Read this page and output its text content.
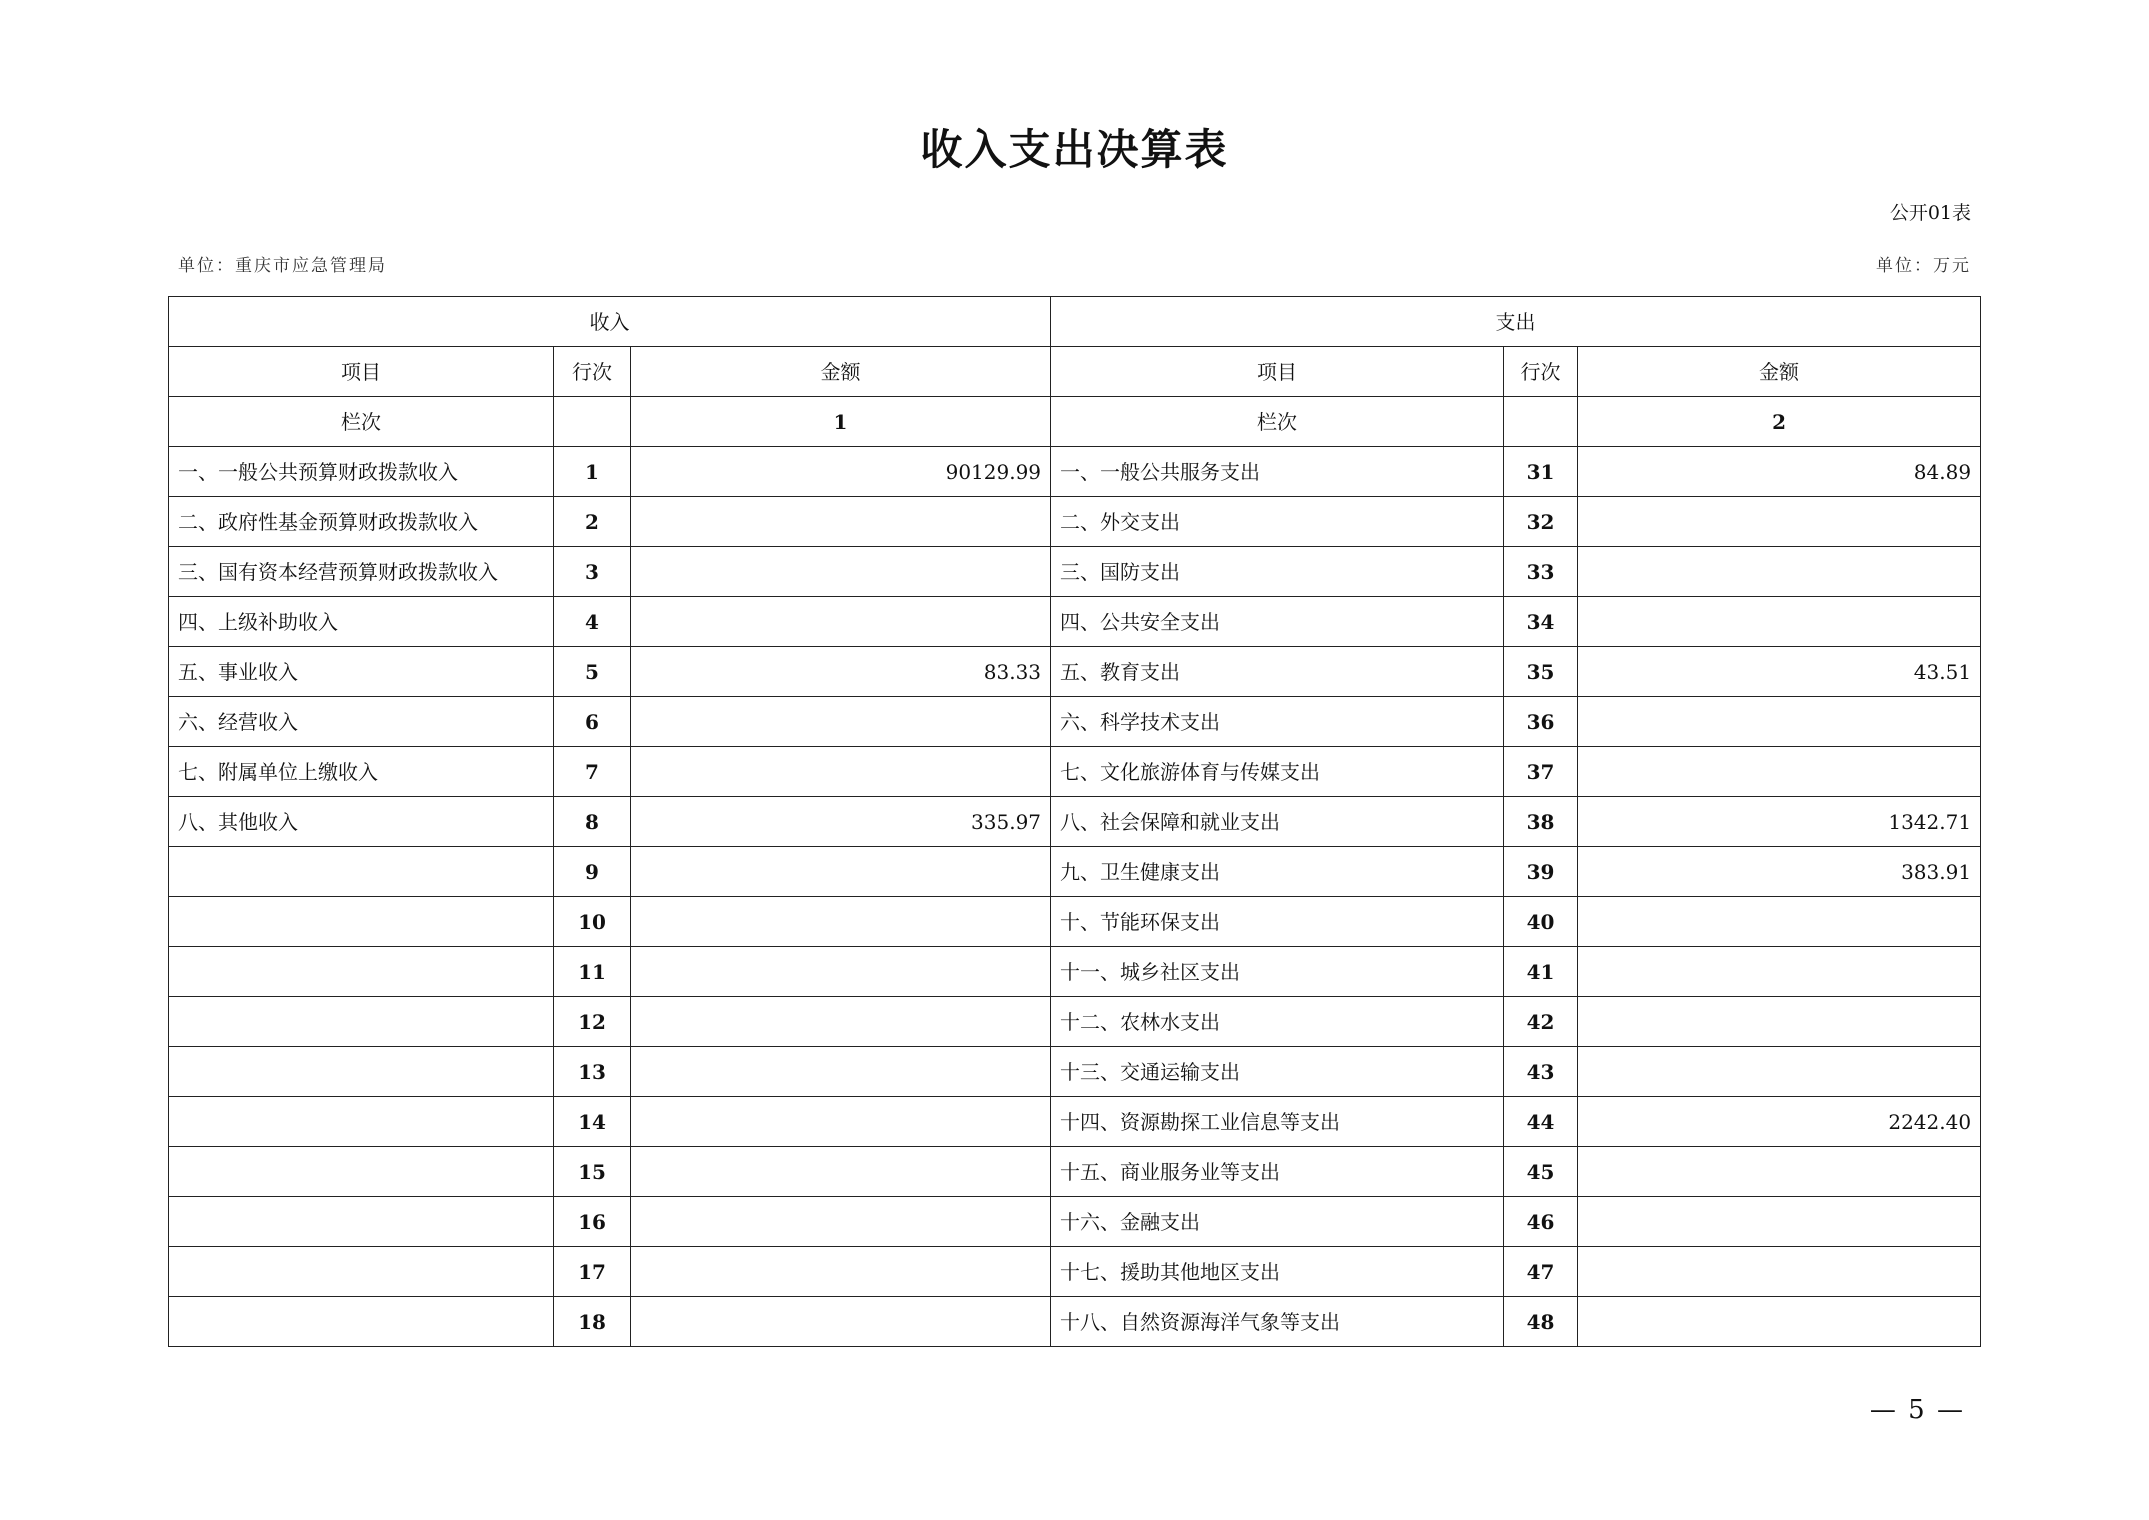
收入支出决算表
公开01表
单位：重庆市应急管理局	单位：万元
收入			支出		
项目	行次	金额	项目	行次	金额
栏次		1	栏次		2
一、一般公共预算财政拨款收入	1	90129.99	一、一般公共服务支出	31	84.89
二、政府性基金预算财政拨款收入	2		二、外交支出	32	
三、国有资本经营预算财政拨款收入	3		三、国防支出	33	
四、上级补助收入	4		四、公共安全支出	34	
五、事业收入	5	83.33	五、教育支出	35	43.51
六、经营收入	6		六、科学技术支出	36	
七、附属单位上缴收入	7		七、文化旅游体育与传媒支出	37	
八、其他收入	8	335.97	八、社会保障和就业支出	38	1342.71
	9		九、卫生健康支出	39	383.91
	10		十、节能环保支出	40	
	11		十一、城乡社区支出	41	
	12		十二、农林水支出	42	
	13		十三、交通运输支出	43	
	14		十四、资源勘探工业信息等支出	44	2242.40
	15		十五、商业服务业等支出	45	
	16		十六、金融支出	46	
	17		十七、援助其他地区支出	47	
	18		十八、自然资源海洋气象等支出	48	
— 5 —
